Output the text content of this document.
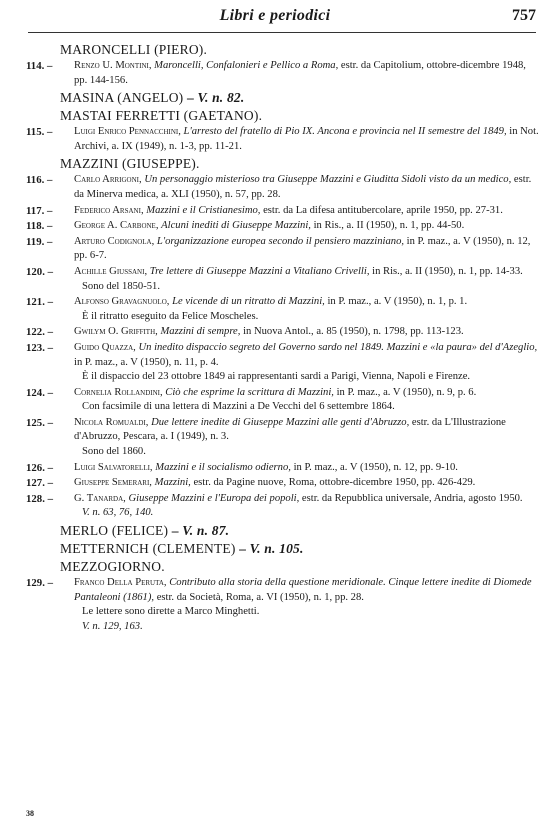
Libri e periodici	757
MARONCELLI (PIERO).
114. –	Renzo U. Montini, Maroncelli, Confalonieri e Pellico a Roma, estr. da Capitolium, ottobre-dicembre 1948, pp. 144-156.
MASINA (ANGELO) – V. n. 82.
MASTAI FERRETTI (GAETANO).
115. –	Luigi Enrico Pennacchini, L'arresto del fratello di Pio IX. Ancona e provincia nel II semestre del 1849, in Not. Archivi, a. IX (1949), n. 1-3, pp. 11-21.
MAZZINI (GIUSEPPE).
116. –	Carlo Arrigoni, Un personaggio misterioso tra Giuseppe Mazzini e Giuditta Sidoli visto da un medico, estr. da Minerva medica, a. XLI (1950), n. 57, pp. 28.
117. –	Federico Arsani, Mazzini e il Cristianesimo, estr. da La difesa antitubercolare, aprile 1950, pp. 27-31.
118. –	George A. Carbone, Alcuni inediti di Giuseppe Mazzini, in Ris., a. II (1950), n. 1, pp. 44-50.
119. –	Arturo Codignola, L'organizzazione europea secondo il pensiero mazziniano, in P. maz., a. V (1950), n. 12, pp. 6-7.
120. –	Achille Giussani, Tre lettere di Giuseppe Mazzini a Vitaliano Crivelli, in Ris., a. II (1950), n. 1, pp. 14-33.
Sono del 1850-51.
121. –	Alfonso Gravagnuolo, Le vicende di un ritratto di Mazzini, in P. maz., a. V (1950), n. 1, p. 1.
È il ritratto eseguito da Felice Moscheles.
122. –	Gwilym O. Griffith, Mazzini di sempre, in Nuova Antol., a. 85 (1950), n. 1798, pp. 113-123.
123. –	Guido Quazza, Un inedito dispaccio segreto del Governo sardo nel 1849. Mazzini e «la paura» del d'Azeglio, in P. maz., a. V (1950), n. 11, p. 4.
È il dispaccio del 23 ottobre 1849 ai rappresentanti sardi a Parigi, Vienna, Napoli e Firenze.
124. –	Cornelia Rollandini, Ciò che esprime la scrittura di Mazzini, in P. maz., a. V (1950), n. 9, p. 6.
Con facsimile di una lettera di Mazzini a De Vecchi del 6 settembre 1864.
125. –	Nicola Romualdi, Due lettere inedite di Giuseppe Mazzini alle genti d'Abruzzo, estr. da L'Illustrazione d'Abruzzo, Pescara, a. I (1949), n. 3.
Sono del 1860.
126. –	Luigi Salvatorelli, Mazzini e il socialismo odierno, in P. maz., a. V (1950), n. 12, pp. 9-10.
127. –	Giuseppe Semerari, Mazzini, estr. da Pagine nuove, Roma, ottobre-dicembre 1950, pp. 426-429.
128. –	G. Tanarda, Giuseppe Mazzini e l'Europa dei popoli, estr. da Repubblica universale, Andria, agosto 1950.
V. n. 63, 76, 140.
MERLO (FELICE) – V. n. 87.
METTERNICH (CLEMENTE) – V. n. 105.
MEZZOGIORNO.
129. –	Franco Della Peruta, Contributo alla storia della questione meridionale. Cinque lettere inedite di Diomede Pantaleoni (1861), estr. da Società, Roma, a. VI (1950), n. 1, pp. 28.
Le lettere sono dirette a Marco Minghetti.
V. n. 129, 163.
38
